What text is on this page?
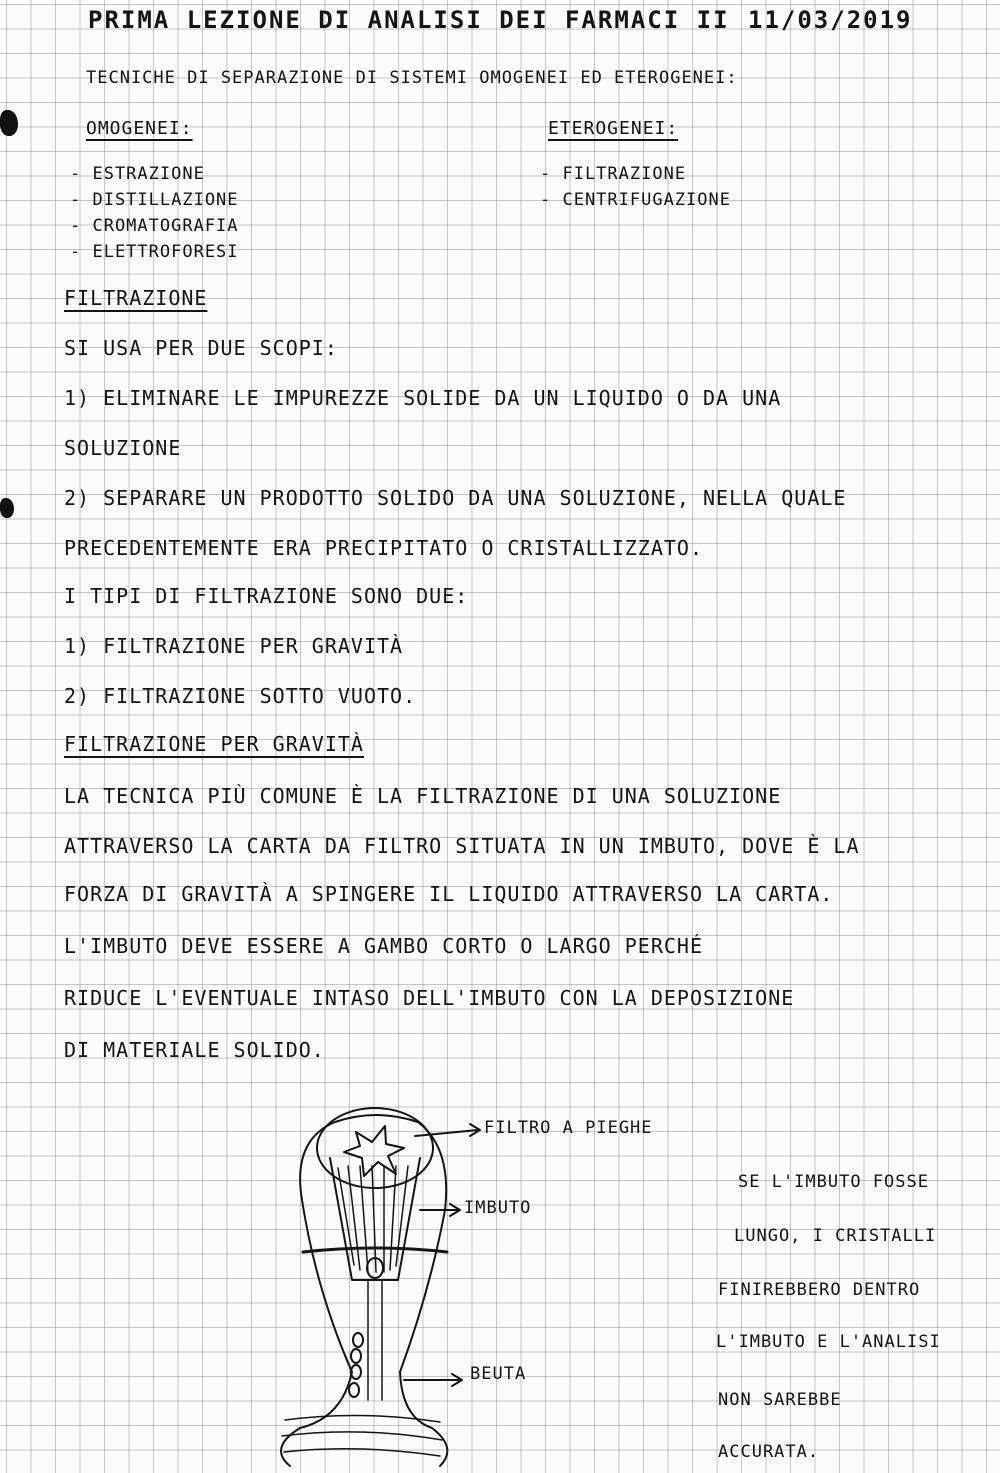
PRIMA LEZIONE DI ANALISI DEI FARMACI II 11/03/2019
TECNICHE DI SEPARAZIONE DI SISTEMI OMOGENEI ED ETEROGENEI:
OMOGENEI:
- ESTRAZIONE
- DISTILLAZIONE
- CROMATOGRAFIA
- ELETTROFORESI
ETEROGENEI:
- FILTRAZIONE
- CENTRIFUGAZIONE
FILTRAZIONE
SI USA PER DUE SCOPI:
1) ELIMINARE LE IMPUREZZE SOLIDE DA UN LIQUIDO O DA UNA
SOLUZIONE
2) SEPARARE UN PRODOTTO SOLIDO DA UNA SOLUZIONE, NELLA QUALE
PRECEDENTEMENTE ERA PRECIPITATO O CRISTALLIZZATO.
I TIPI DI FILTRAZIONE SONO DUE:
1) FILTRAZIONE PER GRAVITÀ
2) FILTRAZIONE SOTTO VUOTO.
FILTRAZIONE PER GRAVITÀ
LA TECNICA PIÙ COMUNE È LA FILTRAZIONE DI UNA SOLUZIONE
ATTRAVERSO LA CARTA DA FILTRO SITUATA IN UN IMBUTO, DOVE È LA
FORZA DI GRAVITÀ A SPINGERE IL LIQUIDO ATTRAVERSO LA CARTA.
L'IMBUTO DEVE ESSERE A GAMBO CORTO O LARGO PERCHÉ
RIDUCE L'EVENTUALE INTASO DELL'IMBUTO CON LA DEPOSIZIONE
DI MATERIALE SOLIDO.
FILTRO A PIEGHE
IMBUTO
BEUTA
SE L'IMBUTO FOSSE
LUNGO, I CRISTALLI
FINIREBBERO DENTRO
L'IMBUTO E L'ANALISI
NON SAREBBE
ACCURATA.
